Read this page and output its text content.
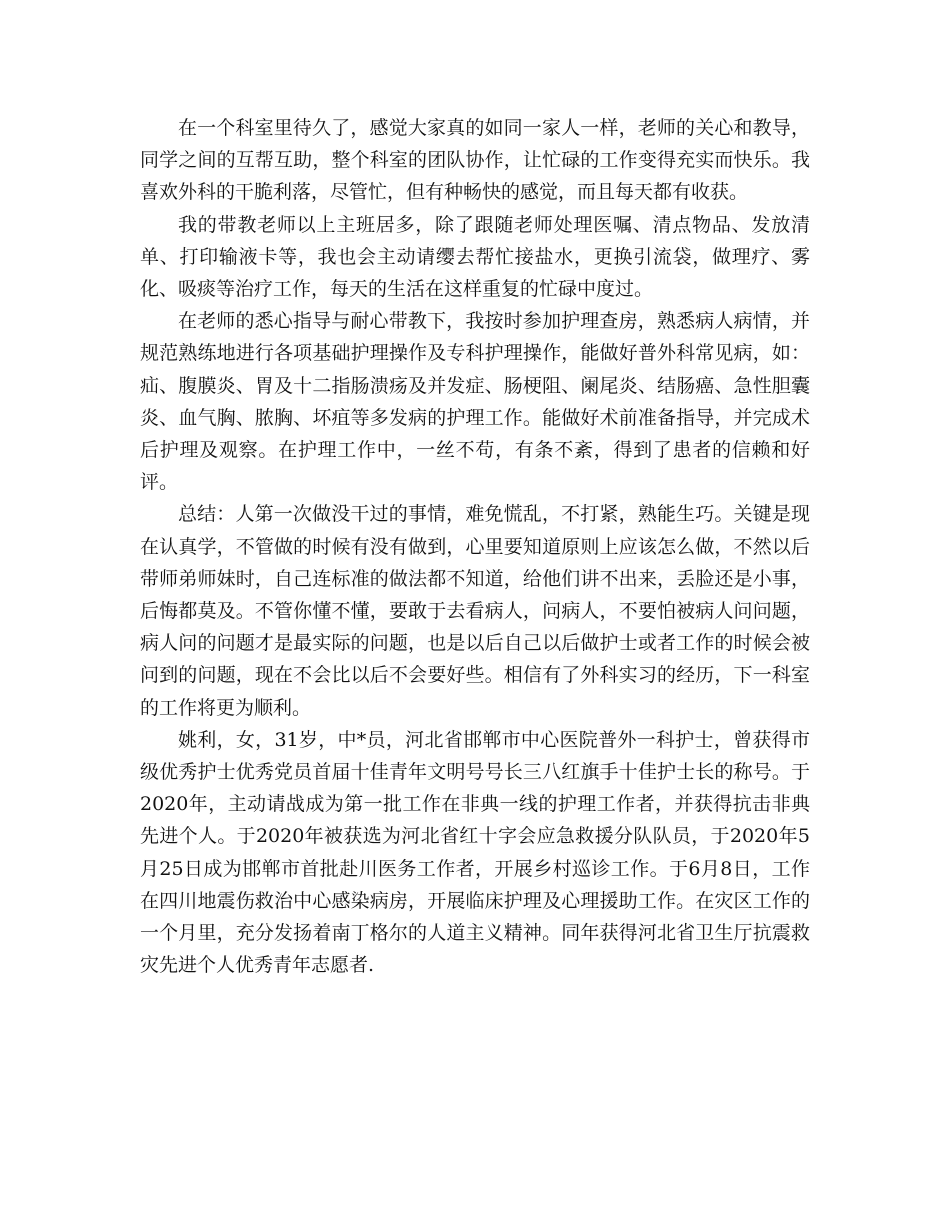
在一个科室里待久了，感觉大家真的如同一家人一样，老师的关心和教导，同学之间的互帮互助，整个科室的团队协作，让忙碌的工作变得充实而快乐。我喜欢外科的干脆利落，尽管忙，但有种畅快的感觉，而且每天都有收获。

我的带教老师以上主班居多，除了跟随老师处理医嘱、清点物品、发放清单、打印输液卡等，我也会主动请缨去帮忙接盐水，更换引流袋，做理疗、雾化、吸痰等治疗工作，每天的生活在这样重复的忙碌中度过。

在老师的悉心指导与耐心带教下，我按时参加护理查房，熟悉病人病情，并规范熟练地进行各项基础护理操作及专科护理操作，能做好普外科常见病，如：疝、腹膜炎、胃及十二指肠溃疡及并发症、肠梗阻、阑尾炎、结肠癌、急性胆囊炎、血气胸、脓胸、坏疽等多发病的护理工作。能做好术前准备指导，并完成术后护理及观察。在护理工作中，一丝不苟，有条不紊，得到了患者的信赖和好评。

总结：人第一次做没干过的事情，难免慌乱，不打紧，熟能生巧。关键是现在认真学，不管做的时候有没有做到，心里要知道原则上应该怎么做，不然以后带师弟师妹时，自己连标准的做法都不知道，给他们讲不出来，丢脸还是小事，后悔都莫及。不管你懂不懂，要敢于去看病人，问病人，不要怕被病人问问题，病人问的问题才是最实际的问题，也是以后自己以后做护士或者工作的时候会被问到的问题，现在不会比以后不会要好些。相信有了外科实习的经历，下一科室的工作将更为顺利。

姚利，女，31岁，中*员，河北省邯郸市中心医院普外一科护士，曾获得市级优秀护士优秀党员首届十佳青年文明号号长三八红旗手十佳护士长的称号。于2020年，主动请战成为第一批工作在非典一线的护理工作者，并获得抗击非典先进个人。于2020年被获选为河北省红十字会应急救援分队队员，于2020年5月25日成为邯郸市首批赴川医务工作者，开展乡村巡诊工作。于6月8日，工作在四川地震伤救治中心感染病房，开展临床护理及心理援助工作。在灾区工作的一个月里，充分发扬着南丁格尔的人道主义精神。同年获得河北省卫生厅抗震救灾先进个人优秀青年志愿者.
